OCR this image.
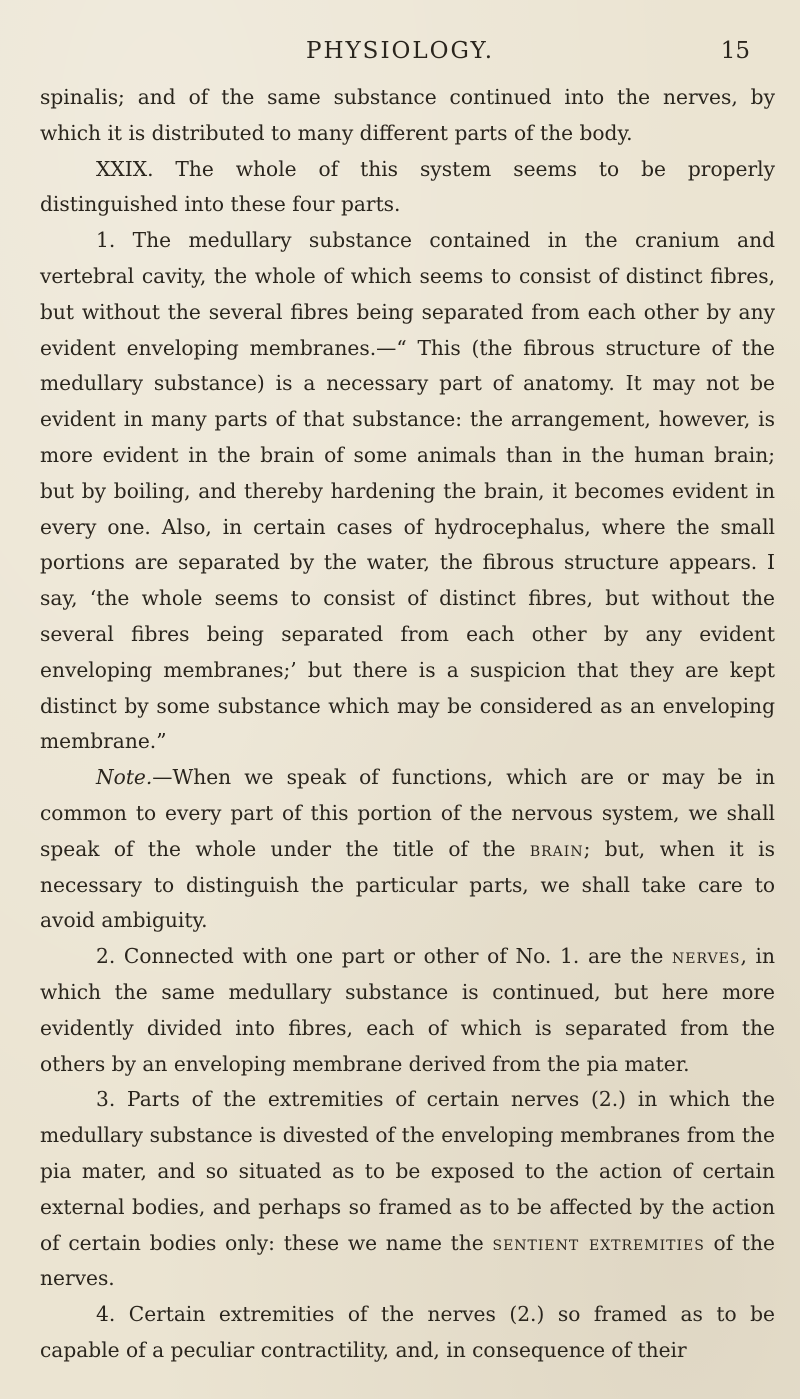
PHYSIOLOGY.	15

spinalis; and of the same substance continued into the nerves, by which it is distributed to many different parts of the body.

XXIX. The whole of this system seems to be properly distinguished into these four parts.

1. The medullary substance contained in the cranium and vertebral cavity, the whole of which seems to consist of distinct fibres, but without the several fibres being separated from each other by any evident enveloping membranes.—“ This (the fibrous structure of the medullary substance) is a necessary part of anatomy. It may not be evident in many parts of that substance: the arrangement, however, is more evident in the brain of some animals than in the human brain; but by boiling, and thereby hardening the brain, it becomes evident in every one. Also, in certain cases of hydrocephalus, where the small portions are separated by the water, the fibrous structure appears. I say, ‘the whole seems to consist of distinct fibres, but without the several fibres being separated from each other by any evident enveloping membranes;’ but there is a suspicion that they are kept distinct by some substance which may be considered as an enveloping membrane.”

Note.—When we speak of functions, which are or may be in common to every part of this portion of the nervous system, we shall speak of the whole under the title of the brain; but, when it is necessary to distinguish the particular parts, we shall take care to avoid ambiguity.

2. Connected with one part or other of No. 1. are the nerves, in which the same medullary substance is continued, but here more evidently divided into fibres, each of which is separated from the others by an enveloping membrane derived from the pia mater.

3. Parts of the extremities of certain nerves (2.) in which the medullary substance is divested of the enveloping membranes from the pia mater, and so situated as to be exposed to the action of certain external bodies, and perhaps so framed as to be affected by the action of certain bodies only: these we name the sentient extremities of the nerves.

4. Certain extremities of the nerves (2.) so framed as to be capable of a peculiar contractility, and, in consequence of their
